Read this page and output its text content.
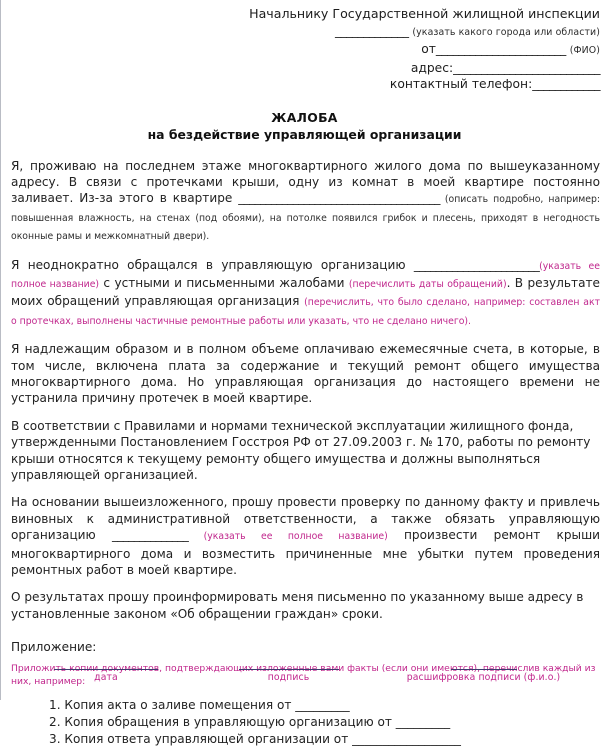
Начальнику Государственной жилищной инспекции
_____________ (указать какого города или области)
от_______________________ (ФИО)
адрес:__________________________
контактный телефон:____________
ЖАЛОБА
на бездействие управляющей организации

Я, проживаю на последнем этаже многоквартирного жилого дома по вышеуказанному адресу. В связи с протечками крыши, одну из комнат в моей квартире постоянно заливает. Из-за этого в квартире _____________________________________ (описать подробно, например: повышенная влажность, на стенах (под обоями), на потолке появился грибок и плесень, приходят в негодность оконные рамы и межкомнатный двери).

Я неоднократно обращался в управляющую организацию _______________________(указать ее полное название) с устными и письменными жалобами (перечислить даты обращений). В результате моих обращений управляющая организация (перечислить, что было сделано, например: составлен акт о протечках, выполнены частичные ремонтные работы или указать, что не сделано ничего).

Я надлежащим образом и в полном объеме оплачиваю ежемесячные счета, в которые, в том числе, включена плата за содержание и текущий ремонт общего имущества многоквартирного дома. Но управляющая организация до настоящего времени не устранила причину протечек в моей квартире.

В соответствии с Правилами и нормами технической эксплуатации жилищного фонда, утвержденными Постановлением Госстроя РФ от 27.09.2003 г. № 170, работы по ремонту крыши относятся к текущему ремонту общего имущества и должны выполняться управляющей организацией.

На основании вышеизложенного, прошу провести проверку по данному факту и привлечь виновных к административной ответственности, а также обязать управляющую организацию ______________ (указать ее полное название) произвести ремонт крыши многоквартирного дома и возместить причиненные мне убытки путем проведения ремонтных работ в моей квартире.

О результатах прошу проинформировать меня письменно по указанному выше адресу в установленные законом «Об обращении граждан» сроки.

Приложение:
Приложить копии документов, подтверждающих изложенные вами факты (если они имеются), перечислив каждый из них, например:
1. Копия акта о заливе помещения от _________
2. Копия обращения в управляющую организацию от _________
3. Копия ответа управляющей организации от __________________
дата	подпись	расшифровка подписи (ф.и.о.)
